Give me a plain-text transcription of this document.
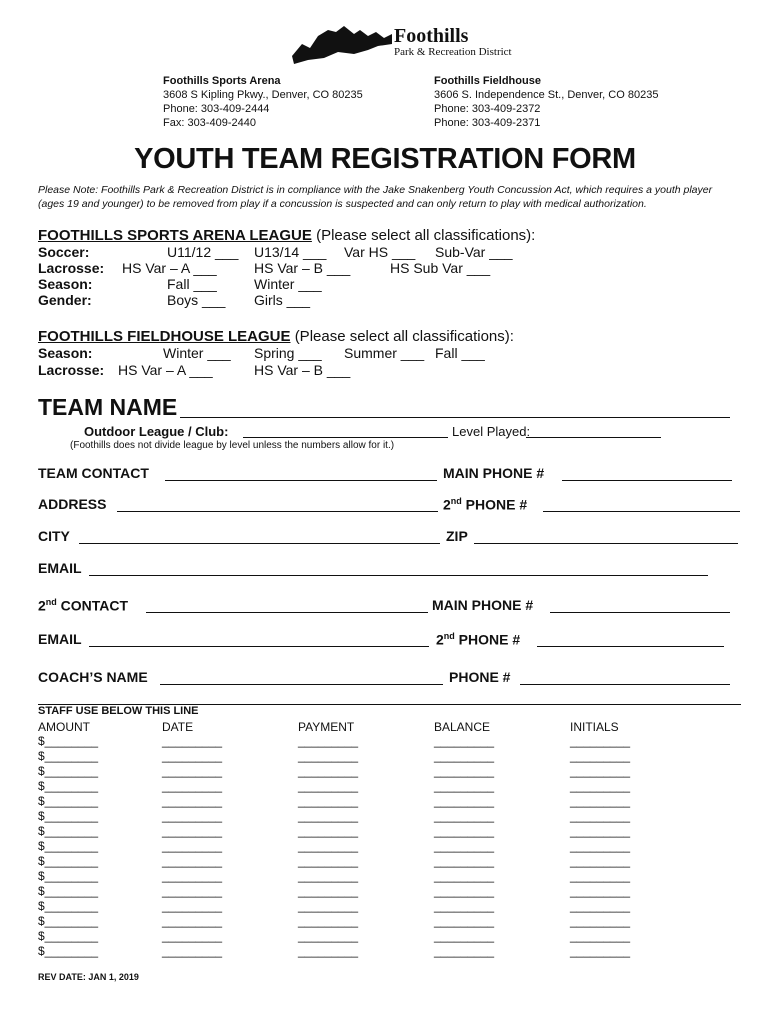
Foothills
Park & Recreation District
Foothills Sports Arena
3608 S Kipling Pkwy., Denver, CO 80235
Phone: 303-409-2444
Fax: 303-409-2440
Foothills Fieldhouse
3606 S. Independence St., Denver, CO 80235
Phone: 303-409-2372
Phone: 303-409-2371
YOUTH TEAM REGISTRATION FORM
Please Note: Foothills Park & Recreation District is in compliance with the Jake Snakenberg Youth Concussion Act, which requires a youth player (ages 19 and younger) to be removed from play if a concussion is suspected and can only return to play with medical authorization.
FOOTHILLS SPORTS ARENA LEAGUE (Please select all classifications):
Soccer:	U11/12 ___ U13/14 ___ Var HS ___ Sub-Var ___
Lacrosse: HS Var – A ___	HS Var – B ___	HS Sub Var ___
Season:	Fall ___	Winter ___
Gender:	Boys ___ Girls ___
FOOTHILLS FIELDHOUSE LEAGUE (Please select all classifications):
Season:	Winter ___ Spring ___ Summer ___ Fall ___
Lacrosse: HS Var – A ___	HS Var – B ___
TEAM NAME
Outdoor League / Club:	Level Played:
(Foothills does not divide league by level unless the numbers allow for it.)
TEAM CONTACT	MAIN PHONE #
ADDRESS	2nd PHONE #
CITY	ZIP
EMAIL
2nd CONTACT	MAIN PHONE #
EMAIL	2nd PHONE #
COACH’S NAME	PHONE #
STAFF USE BELOW THIS LINE
AMOUNT	DATE	PAYMENT	BALANCE	INITIALS
$________	_________	_________	_________	_________
$________	_________	_________	_________	_________
$________	_________	_________	_________	_________
$________	_________	_________	_________	_________
$________	_________	_________	_________	_________
$________	_________	_________	_________	_________
$________	_________	_________	_________	_________
$________	_________	_________	_________	_________
$________	_________	_________	_________	_________
$________	_________	_________	_________	_________
$________	_________	_________	_________	_________
$________	_________	_________	_________	_________
$________	_________	_________	_________	_________
$________	_________	_________	_________	_________
$________	_________	_________	_________	_________
REV DATE: JAN 1, 2019
